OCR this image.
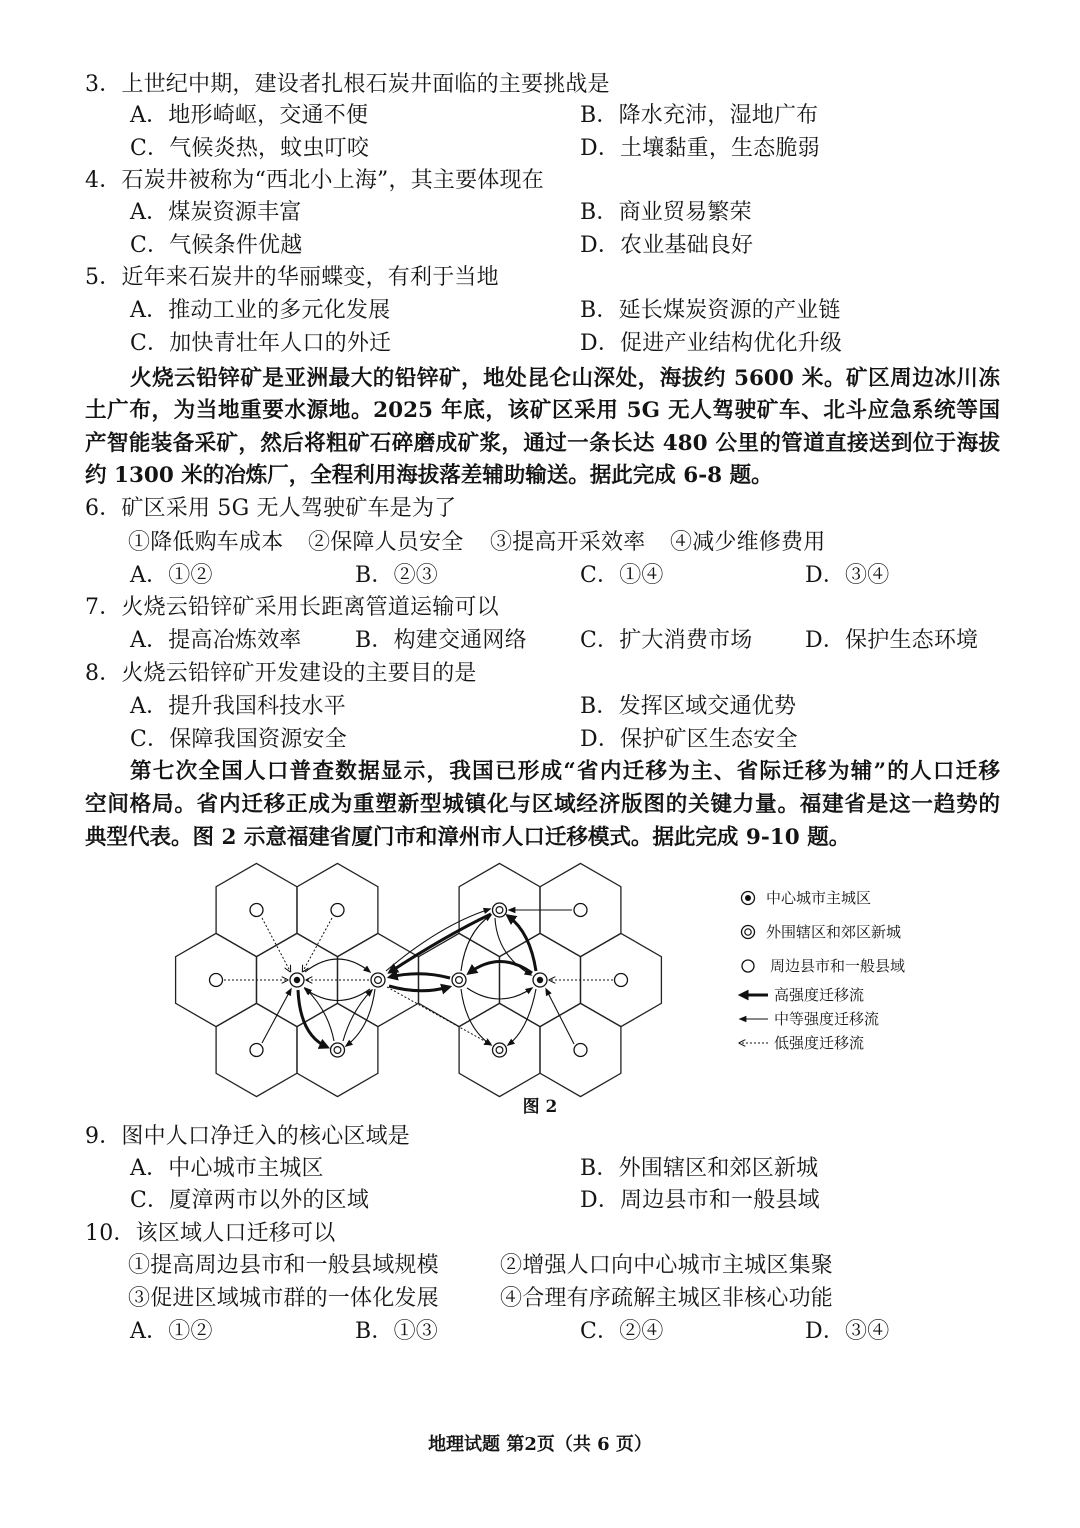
3．上世纪中期，建设者扎根石炭井面临的主要挑战是
A．地形崎岖，交通不便	B．降水充沛，湿地广布
C．气候炎热，蚊虫叮咬	D．土壤黏重，生态脆弱
4．石炭井被称为“西北小上海”，其主要体现在
A．煤炭资源丰富	B．商业贸易繁荣
C．气候条件优越	D．农业基础良好
5．近年来石炭井的华丽蝶变，有利于当地
A．推动工业的多元化发展	B．延长煤炭资源的产业链
C．加快青壮年人口的外迁	D．促进产业结构优化升级
火烧云铅锌矿是亚洲最大的铅锌矿，地处昆仑山深处，海拔约 5600 米。矿区周边冰川冻
土广布，为当地重要水源地。2025 年底，该矿区采用 5G 无人驾驶矿车、北斗应急系统等国
产智能装备采矿，然后将粗矿石碎磨成矿浆，通过一条长达 480 公里的管道直接送到位于海拔
约 1300 米的冶炼厂，全程利用海拔落差辅助输送。据此完成 6-8 题。
6．矿区采用 5G 无人驾驶矿车是为了
①降低购车成本 ②保障人员安全 ③提高开采效率 ④减少维修费用
A．①②	B．②③	C．①④	D．③④
7．火烧云铅锌矿采用长距离管道运输可以
A．提高冶炼效率 B．构建交通网络 C．扩大消费市场 D．保护生态环境
8．火烧云铅锌矿开发建设的主要目的是
A．提升我国科技水平	B．发挥区域交通优势
C．保障我国资源安全	D．保护矿区生态安全
第七次全国人口普查数据显示，我国已形成“省内迁移为主、省际迁移为辅”的人口迁移
空间格局。省内迁移正成为重塑新型城镇化与区域经济版图的关键力量。福建省是这一趋势的
典型代表。图 2 示意福建省厦门市和漳州市人口迁移模式。据此完成 9-10 题。
中心城市主城区
外围辖区和郊区新城
周边县市和一般县域
高强度迁移流
中等强度迁移流
低强度迁移流
图 2
9．图中人口净迁入的核心区域是
A．中心城市主城区	B．外围辖区和郊区新城
C．厦漳两市以外的区域	D．周边县市和一般县域
10．该区域人口迁移可以
①提高周边县市和一般县域规模	②增强人口向中心城市主城区集聚
③促进区域城市群的一体化发展	④合理有序疏解主城区非核心功能
A．①②	B．①③	C．②④	D．③④
地理试题 第2页（共 6 页）
